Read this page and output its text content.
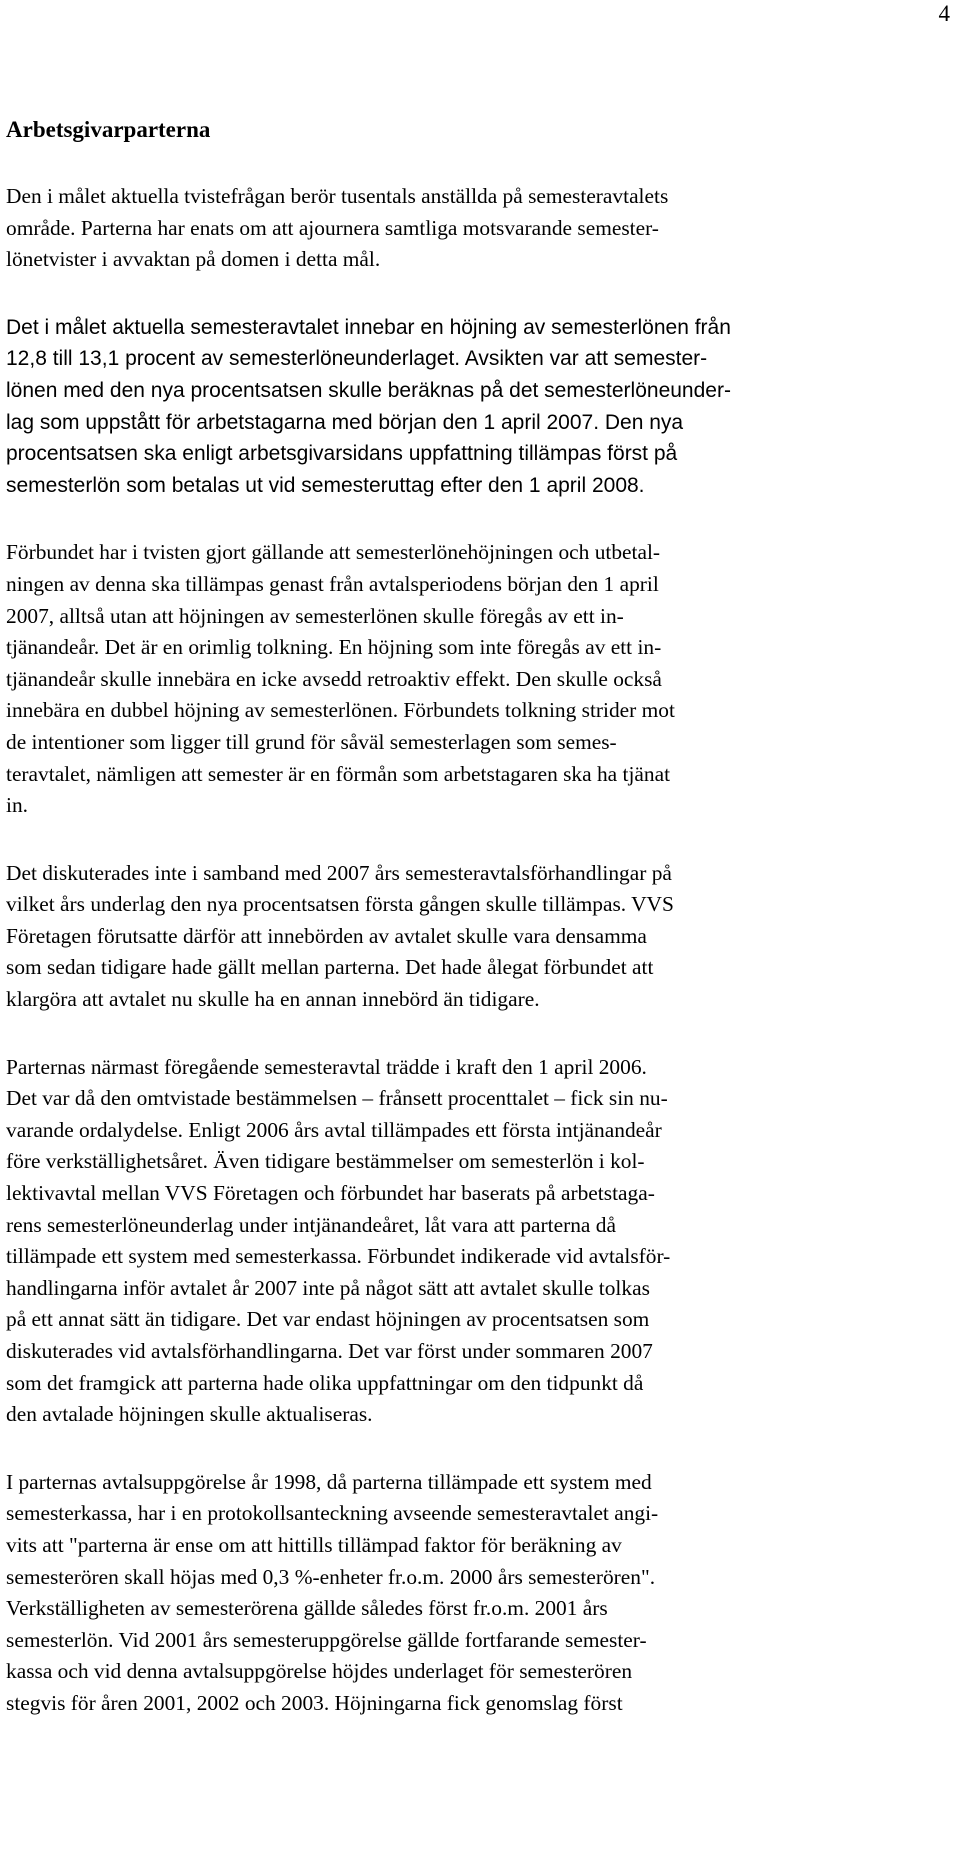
4
Arbetsgivarparterna
Den i målet aktuella tvistefrågan berör tusentals anställda på semesteravtalets
område. Parterna har enats om att ajournera samtliga motsvarande semester-
lönetvister i avvaktan på domen i detta mål.
Det i målet aktuella semesteravtalet innebar en höjning av semesterlönen från
12,8 till 13,1 procent av semesterlöneunderlaget. Avsikten var att semester-
lönen med den nya procentsatsen skulle beräknas på det semesterlöneunder-
lag som uppstått för arbetstagarna med början den 1 april 2007. Den nya
procentsatsen ska enligt arbetsgivarsidans uppfattning tillämpas först på
semesterlön som betalas ut vid semesteruttag efter den 1 april 2008.
Förbundet har i tvisten gjort gällande att semesterlönehöjningen och utbetal-
ningen av denna ska tillämpas genast från avtalsperiodens början den 1 april
2007, alltså utan att höjningen av semesterlönen skulle föregås av ett in-
tjänandeår. Det är en orimlig tolkning. En höjning som inte föregås av ett in-
tjänandeår skulle innebära en icke avsedd retroaktiv effekt. Den skulle också
innebära en dubbel höjning av semesterlönen. Förbundets tolkning strider mot
de intentioner som ligger till grund för såväl semesterlagen som semes-
teravtalet, nämligen att semester är en förmån som arbetstagaren ska ha tjänat
in.
Det diskuterades inte i samband med 2007 års semesteravtalsförhandlingar på
vilket års underlag den nya procentsatsen första gången skulle tillämpas. VVS
Företagen förutsatte därför att innebörden av avtalet skulle vara densamma
som sedan tidigare hade gällt mellan parterna. Det hade ålegat förbundet att
klargöra att avtalet nu skulle ha en annan innebörd än tidigare.
Parternas närmast föregående semesteravtal trädde i kraft den 1 april 2006.
Det var då den omtvistade bestämmelsen – frånsett procenttalet – fick sin nu-
varande ordalydelse. Enligt 2006 års avtal tillämpades ett första intjänandeår
före verkställighetsåret. Även tidigare bestämmelser om semesterlön i kol-
lektivavtal mellan VVS Företagen och förbundet har baserats på arbetstaga-
rens semesterlöneunderlag under intjänandeåret, låt vara att parterna då
tillämpade ett system med semesterkassa. Förbundet indikerade vid avtalsför-
handlingarna inför avtalet år 2007 inte på något sätt att avtalet skulle tolkas
på ett annat sätt än tidigare. Det var endast höjningen av procentsatsen som
diskuterades vid avtalsförhandlingarna. Det var först under sommaren 2007
som det framgick att parterna hade olika uppfattningar om den tidpunkt då
den avtalade höjningen skulle aktualiseras.
I parternas avtalsuppgörelse år 1998, då parterna tillämpade ett system med
semesterkassa, har i en protokollsanteckning avseende semesteravtalet angi-
vits att "parterna är ense om att hittills tillämpad faktor för beräkning av
semesterören skall höjas med 0,3 %-enheter fr.o.m. 2000 års semesterören".
Verkställigheten av semesterörena gällde således först fr.o.m. 2001 års
semesterlön. Vid 2001 års semesteruppgörelse gällde fortfarande semester-
kassa och vid denna avtalsuppgörelse höjdes underlaget för semesterören
stegvis för åren 2001, 2002 och 2003. Höjningarna fick genomslag först
